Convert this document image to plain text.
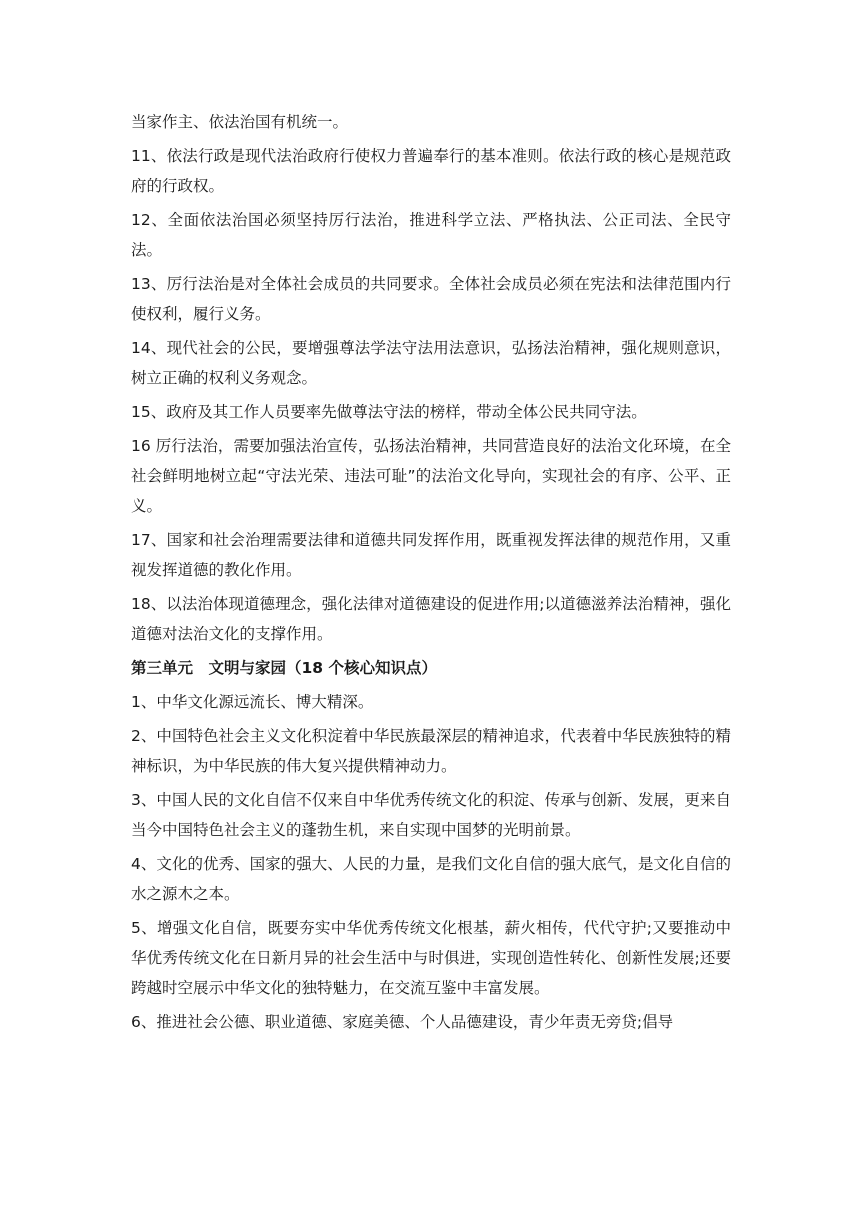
当家作主、依法治国有机统一。

11、依法行政是现代法治政府行使权力普遍奉行的基本准则。依法行政的核心是规范政府的行政权。

12、全面依法治国必须坚持厉行法治，推进科学立法、严格执法、公正司法、全民守法。

13、厉行法治是对全体社会成员的共同要求。全体社会成员必须在宪法和法律范围内行使权利，履行义务。

14、现代社会的公民，要增强尊法学法守法用法意识，弘扬法治精神，强化规则意识，树立正确的权利义务观念。

15、政府及其工作人员要率先做尊法守法的榜样，带动全体公民共同守法。

16 厉行法治，需要加强法治宣传，弘扬法治精神，共同营造良好的法治文化环境，在全社会鲜明地树立起“守法光荣、违法可耻”的法治文化导向，实现社会的有序、公平、正义。

17、国家和社会治理需要法律和道德共同发挥作用，既重视发挥法律的规范作用，又重视发挥道德的教化作用。

18、以法治体现道德理念，强化法律对道德建设的促进作用;以道德滋养法治精神，强化道德对法治文化的支撑作用。

第三单元　文明与家园（18 个核心知识点）

1、中华文化源远流长、博大精深。

2、中国特色社会主义文化积淀着中华民族最深层的精神追求，代表着中华民族独特的精神标识，为中华民族的伟大复兴提供精神动力。

3、中国人民的文化自信不仅来自中华优秀传统文化的积淀、传承与创新、发展，更来自当今中国特色社会主义的蓬勃生机，来自实现中国梦的光明前景。

4、文化的优秀、国家的强大、人民的力量，是我们文化自信的强大底气，是文化自信的水之源木之本。

5、增强文化自信，既要夯实中华优秀传统文化根基，薪火相传，代代守护;又要推动中华优秀传统文化在日新月异的社会生活中与时俱进，实现创造性转化、创新性发展;还要跨越时空展示中华文化的独特魅力，在交流互鉴中丰富发展。

6、推进社会公德、职业道德、家庭美德、个人品德建设，青少年责无旁贷;倡导
